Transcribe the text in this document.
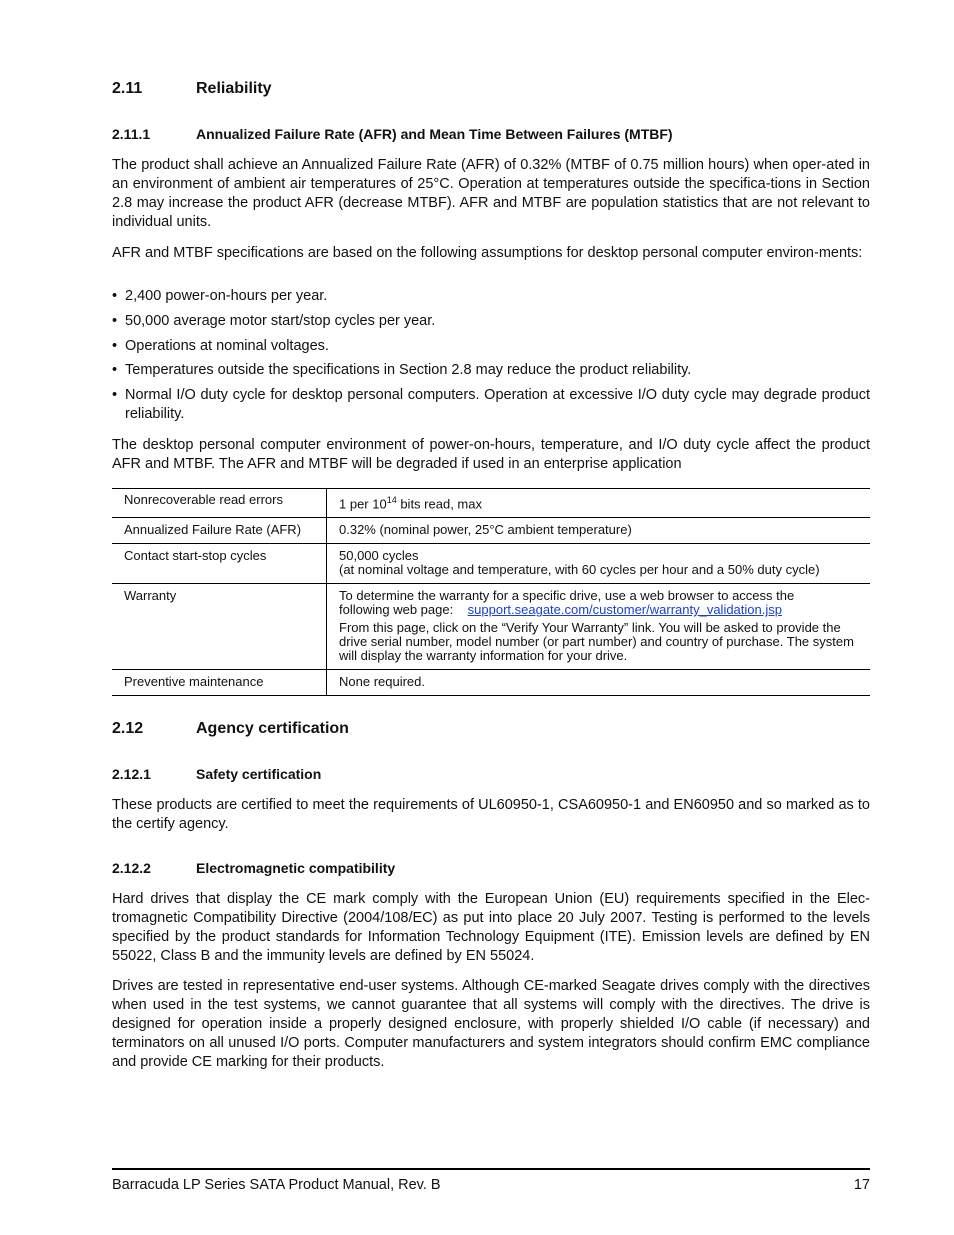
2.11	Reliability
2.11.1	Annualized Failure Rate (AFR) and Mean Time Between Failures (MTBF)

The product shall achieve an Annualized Failure Rate (AFR) of 0.32% (MTBF of 0.75 million hours) when oper-ated in an environment of ambient air temperatures of 25°C. Operation at temperatures outside the specifica-tions in Section 2.8 may increase the product AFR (decrease MTBF). AFR and MTBF are population statistics that are not relevant to individual units.

AFR and MTBF specifications are based on the following assumptions for desktop personal computer environ-ments:

• 2,400 power-on-hours per year.
• 50,000 average motor start/stop cycles per year.
• Operations at nominal voltages.
• Temperatures outside the specifications in Section 2.8 may reduce the product reliability.
• Normal I/O duty cycle for desktop personal computers. Operation at excessive I/O duty cycle may degrade product reliability.

The desktop personal computer environment of power-on-hours, temperature, and I/O duty cycle affect the product AFR and MTBF. The AFR and MTBF will be degraded if used in an enterprise application

Nonrecoverable read errors	1 per $10^{14}$ bits read, max
Annualized Failure Rate (AFR)	0.32% (nominal power, 25°C ambient temperature)
Contact start-stop cycles	50,000 cycles
(at nominal voltage and temperature, with 60 cycles per hour and a 50% duty cycle)

Warranty	To determine the warranty for a specific drive, use a web browser to access the
following web page: support.seagate.com/customer/warranty_validation.jsp
From this page, click on the “Verify Your Warranty” link. You will be asked to provide the drive serial number, model number (or part number) and country of purchase. The system will display the warranty information for your drive.

Preventive maintenance	None required.
2.12	Agency certification
2.12.1	Safety certification

These products are certified to meet the requirements of UL60950-1, CSA60950-1 and EN60950 and so marked as to the certify agency.

2.12.2	Electromagnetic compatibility

Hard drives that display the CE mark comply with the European Union (EU) requirements specified in the Elec-tromagnetic Compatibility Directive (2004/108/EC) as put into place 20 July 2007. Testing is performed to the levels specified by the product standards for Information Technology Equipment (ITE). Emission levels are defined by EN 55022, Class B and the immunity levels are defined by EN 55024.

Drives are tested in representative end-user systems. Although CE-marked Seagate drives comply with the directives when used in the test systems, we cannot guarantee that all systems will comply with the directives. The drive is designed for operation inside a properly designed enclosure, with properly shielded I/O cable (if necessary) and terminators on all unused I/O ports. Computer manufacturers and system integrators should confirm EMC compliance and provide CE marking for their products.

Barracuda LP Series SATA Product Manual, Rev. B	17
